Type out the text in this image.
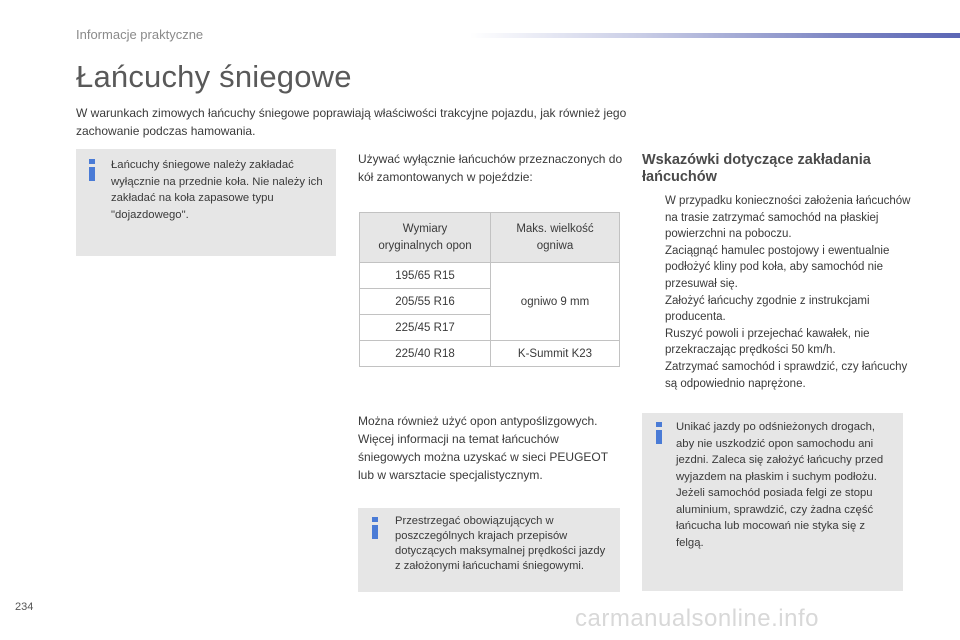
Informacje praktyczne
Łańcuchy śniegowe

W warunkach zimowych łańcuchy śniegowe poprawiają właściwości trakcyjne pojazdu, jak również jego zachowanie podczas hamowania.

Łańcuchy śniegowe należy zakładać wyłącznie na przednie koła. Nie należy ich zakładać na koła zapasowe typu "dojazdowego".
Używać wyłącznie łańcuchów przeznaczonych do kół zamontowanych w pojeździe:
Wymiary oryginalnych opon	Maks. wielkość ogniwa
195/65 R15	ogniwo 9 mm
205/55 R16	
225/45 R17	
225/40 R18	K-Summit K23
Można również użyć opon antypoślizgowych. Więcej informacji na temat łańcuchów śniegowych można uzyskać w sieci PEUGEOT lub w warsztacie specjalistycznym.
Przestrzegać obowiązujących w poszczególnych krajach przepisów dotyczących maksymalnej prędkości jazdy z założonymi łańcuchami śniegowymi.
Wskazówki dotyczące zakładania łańcuchów
W przypadku konieczności założenia łańcuchów na trasie zatrzymać samochód na płaskiej powierzchni na poboczu.
Zaciągnąć hamulec postojowy i ewentualnie podłożyć kliny pod koła, aby samochód nie przesuwał się.
Założyć łańcuchy zgodnie z instrukcjami producenta.
Ruszyć powoli i przejechać kawałek, nie przekraczając prędkości 50 km/h.
Zatrzymać samochód i sprawdzić, czy łańcuchy są odpowiednio naprężone.
Unikać jazdy po odśnieżonych drogach, aby nie uszkodzić opon samochodu ani jezdni. Zaleca się założyć łańcuchy przed wyjazdem na płaskim i suchym podłożu. Jeżeli samochód posiada felgi ze stopu aluminium, sprawdzić, czy żadna część łańcucha lub mocowań nie styka się z felgą.
234	carmanualsonline.info
